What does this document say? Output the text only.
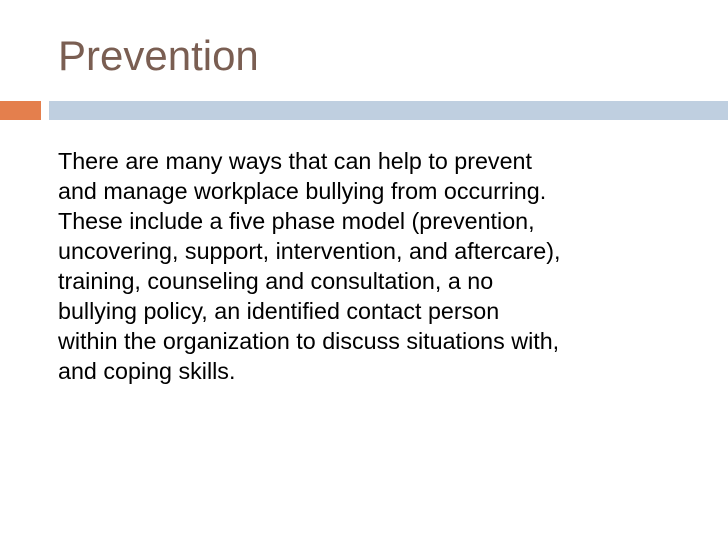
Prevention

There are many ways that can help to prevent
and manage workplace bullying from occurring.
These include a five phase model (prevention,
uncovering, support, intervention, and aftercare),
training, counseling and consultation, a no
bullying policy, an identified contact person
within the organization to discuss situations with,
and coping skills.
